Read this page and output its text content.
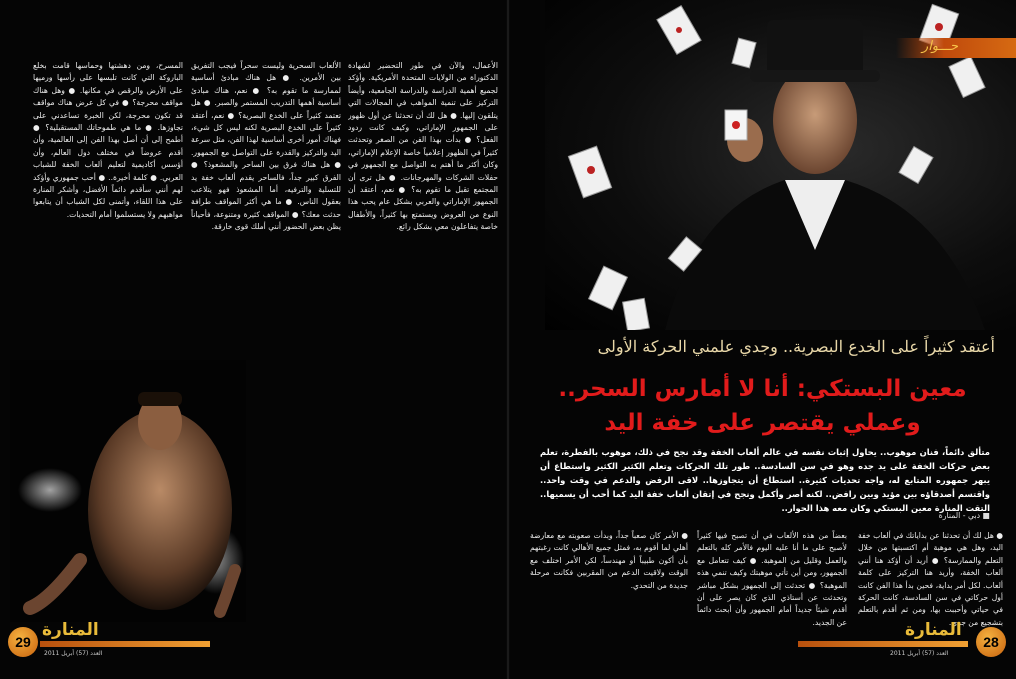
الأعمال، والآن في طور التحضير لشهادة الدكتوراة من الولايات المتحدة الأمريكية. وأؤكد لجميع أهمية الدراسة والدراسة الجامعية، وأيضاً التركيز على تنمية المواهب في المجالات التي يتلقون إليها. ● هل لك أن تحدثنا عن أول ظهور على الجمهور الإماراتي، وكيف كانت ردود الفعل؟ ● بدأت بهذا الفن من الصغر وتحدثت كثيراً في الظهور إعلامياً خاصة الإعلام الإماراتي، وكان أكثر ما أهتم به التواصل مع الجمهور في حفلات الشركات والمهرجانات. ● هل ترى أن المجتمع تقبل ما تقوم به؟ ● نعم، أعتقد أن الجمهور الإماراتي والعربي بشكل عام يحب هذا النوع من العروض ويستمتع بها كثيراً، والأطفال خاصة يتفاعلون معي بشكل رائع.

الألعاب السحرية وليست سحراً فيجب التفريق بين الأمرين. ● هل هناك مبادئ أساسية لممارسة ما تقوم به؟ ● نعم، هناك مبادئ أساسية أهمها التدريب المستمر والصبر. ● هل تعتمد كثيراً على الخدع البصرية؟ ● نعم، أعتقد كثيراً على الخدع البصرية لكنه ليس كل شيء، فهناك أمور أخرى أساسية لهذا الفن، مثل سرعة اليد والتركيز والقدرة على التواصل مع الجمهور. ● هل هناك فرق بين الساحر والمشعوذ؟ ● الفرق كبير جداً، فالساحر يقدم ألعاب خفة يد للتسلية والترفيه، أما المشعوذ فهو يتلاعب بعقول الناس. ● ما هي أكثر المواقف طرافة حدثت معك؟ ● المواقف كثيرة ومتنوعة، فأحياناً يظن بعض الحضور أنني أملك قوى خارقة.

المسرح، ومن دهشتها وحماسها قامت بخلع الباروكة التي كانت تلبسها على رأسها ورميها على الأرض والرقص في مكانها. ● وهل هناك مواقف محرجة؟ ● في كل عرض هناك مواقف قد تكون محرجة، لكن الخبرة تساعدني على تجاوزها. ● ما هي طموحاتك المستقبلية؟ ● أطمح إلى أن أصل بهذا الفن إلى العالمية، وأن أقدم عروضاً في مختلف دول العالم، وأن أؤسس أكاديمية لتعليم ألعاب الخفة للشباب العربي. ● كلمة أخيرة.. ● أحب جمهوري وأؤكد لهم أنني سأقدم دائماً الأفضل، وأشكر المنارة على هذا اللقاء، وأتمنى لكل الشباب أن يتابعوا مواهبهم ولا يستسلموا أمام التحديات.

29
المنارة
العدد (57) أبريل 2011
حـــوار
أعتقد كثيراً على الخدع البصرية.. وجدي علمني الحركة الأولى
معين البستكي: أنا لا أمارس السحر..
وعملي يقتصر على خفة اليد
متألق دائماً، فنان موهوب.. يحاول إثبات نفسه في عالم ألعاب الخفة وقد نجح في ذلك، موهوب بالفطرة، تعلم بعض حركات الخفة على يد جده وهو في سن السادسة.. طور تلك الحركات وتعلم الكثير الكثير واستطاع أن يبهر جمهوره المتابع له، واجه تحديات كثيرة.. استطاع أن يتجاوزها.. لاقى الرفض والدعم في وقت واحد.. واقتسم أصدقاؤه بين مؤيد وبين رافض.. لكنه أصر وأكمل ونجح في إتقان ألعاب خفة اليد كما أحب أن يسميها.. التقت المنارة معين البستكي وكان معه هذا الحوار..
■ دبي - المنارة

● هل لك أن تحدثنا عن بداياتك في ألعاب خفة اليد، وهل هي موهبة أم اكتسبتها من خلال التعلم والممارسة؟ ● أريد أن أؤكد هنا أنني ألعاب الخفة، وأريد هنا التركيز على كلمة ألعاب. لكل أمر بداية، فحين بدأ هذا الفن كانت أول حركاتي في سن السادسة، كانت الحركة في حياتي وأحببت بها، ومن ثم أقدم بالتعلم بتشجيع من جدي.

بعضاً من هذه الألعاب في أن تصبح فيها كثيراً لأصبح على ما أنا عليه اليوم فالأمر كله بالتعلم والعمل وقليل من الموهبة. ● كيف تتعامل مع الجمهور، ومن أين تأتي موهبتك وكيف تنمي هذه الموهبة؟ ● تحدثت إلى الجمهور بشكل مباشر وتحدثت عن أستاذي الذي كان يصر على أن أقدم شيئاً جديداً أمام الجمهور وأن أبحث دائماً عن الجديد.

● الأمر كان صعباً جداً، وبدأت صعوبته مع معارضة أهلي لما أقوم به، فمثل جميع الأهالي كانت رغبتهم بأن أكون طبيباً أو مهندساً، لكن الأمر اختلف مع الوقت ولاقيت الدعم من المقربين فكانت مرحلة جديدة من التحدي.

28
المنارة
العدد (57) أبريل 2011
